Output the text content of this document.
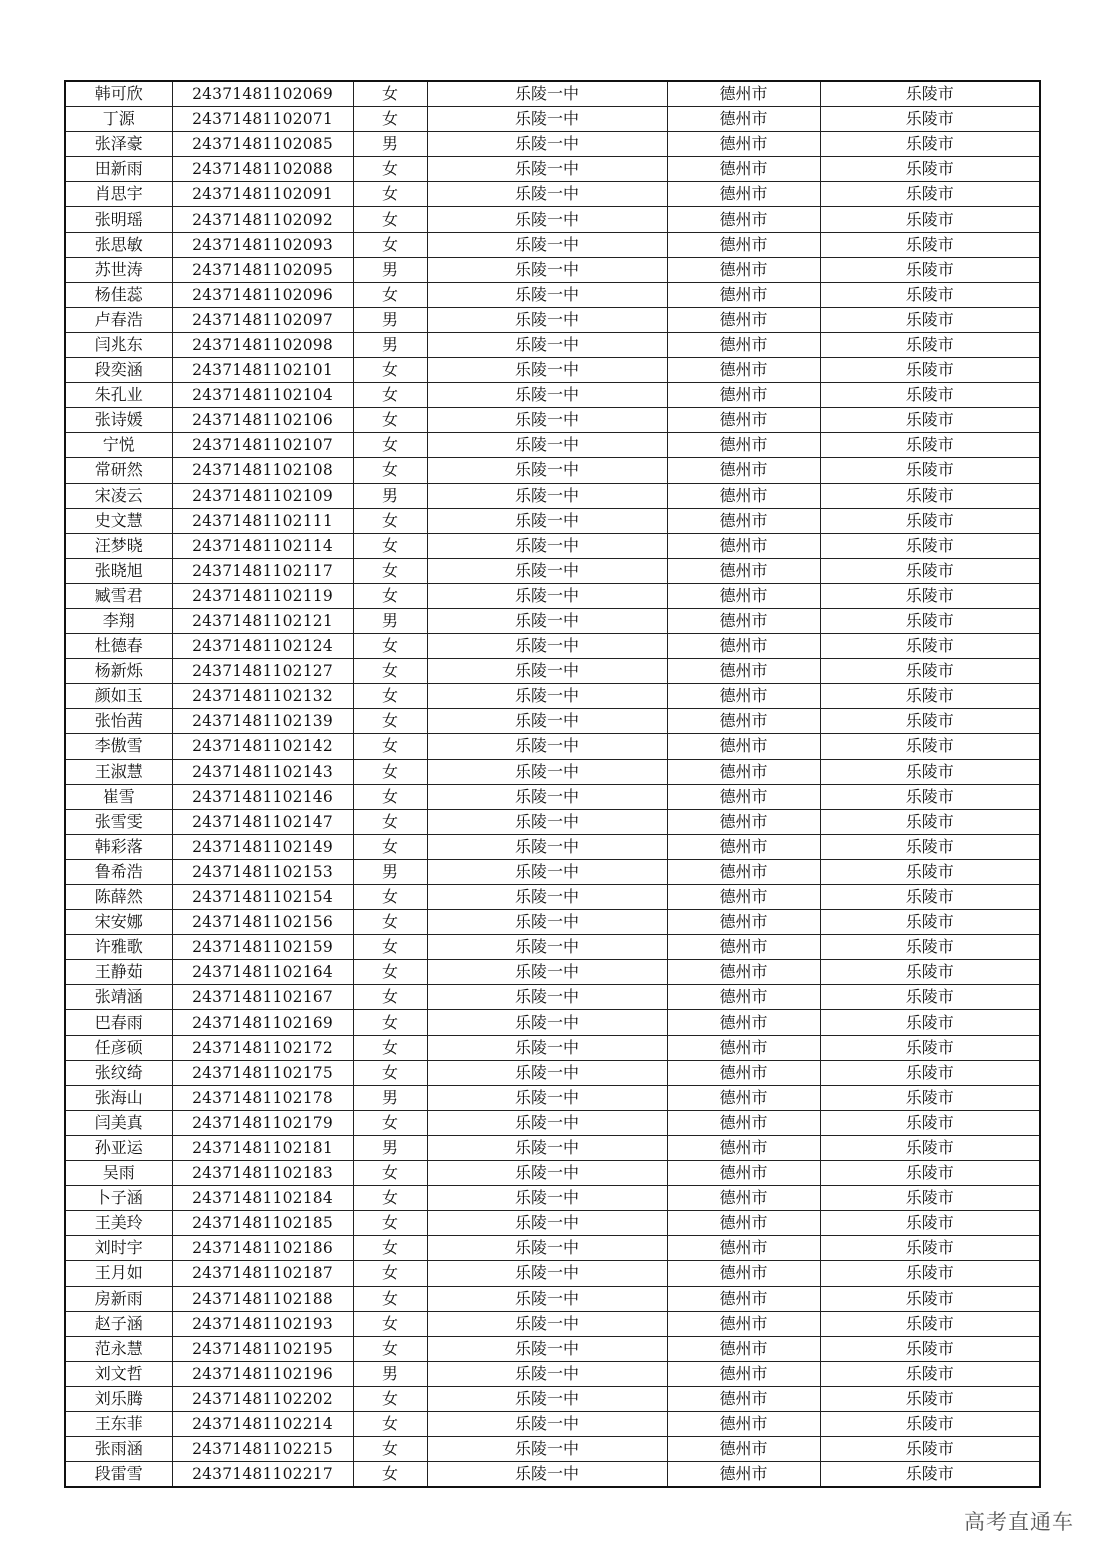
韩可欣	24371481102069	女	乐陵一中	德州市	乐陵市
丁源	24371481102071	女	乐陵一中	德州市	乐陵市
张泽豪	24371481102085	男	乐陵一中	德州市	乐陵市
田新雨	24371481102088	女	乐陵一中	德州市	乐陵市
肖思宇	24371481102091	女	乐陵一中	德州市	乐陵市
张明瑶	24371481102092	女	乐陵一中	德州市	乐陵市
张思敏	24371481102093	女	乐陵一中	德州市	乐陵市
苏世涛	24371481102095	男	乐陵一中	德州市	乐陵市
杨佳蕊	24371481102096	女	乐陵一中	德州市	乐陵市
卢春浩	24371481102097	男	乐陵一中	德州市	乐陵市
闫兆东	24371481102098	男	乐陵一中	德州市	乐陵市
段奕涵	24371481102101	女	乐陵一中	德州市	乐陵市
朱孔业	24371481102104	女	乐陵一中	德州市	乐陵市
张诗媛	24371481102106	女	乐陵一中	德州市	乐陵市
宁悦	24371481102107	女	乐陵一中	德州市	乐陵市
常研然	24371481102108	女	乐陵一中	德州市	乐陵市
宋凌云	24371481102109	男	乐陵一中	德州市	乐陵市
史文慧	24371481102111	女	乐陵一中	德州市	乐陵市
汪梦晓	24371481102114	女	乐陵一中	德州市	乐陵市
张晓旭	24371481102117	女	乐陵一中	德州市	乐陵市
臧雪君	24371481102119	女	乐陵一中	德州市	乐陵市
李翔	24371481102121	男	乐陵一中	德州市	乐陵市
杜德春	24371481102124	女	乐陵一中	德州市	乐陵市
杨新烁	24371481102127	女	乐陵一中	德州市	乐陵市
颜如玉	24371481102132	女	乐陵一中	德州市	乐陵市
张怡茜	24371481102139	女	乐陵一中	德州市	乐陵市
李傲雪	24371481102142	女	乐陵一中	德州市	乐陵市
王淑慧	24371481102143	女	乐陵一中	德州市	乐陵市
崔雪	24371481102146	女	乐陵一中	德州市	乐陵市
张雪雯	24371481102147	女	乐陵一中	德州市	乐陵市
韩彩落	24371481102149	女	乐陵一中	德州市	乐陵市
鲁希浩	24371481102153	男	乐陵一中	德州市	乐陵市
陈薛然	24371481102154	女	乐陵一中	德州市	乐陵市
宋安娜	24371481102156	女	乐陵一中	德州市	乐陵市
许雅歌	24371481102159	女	乐陵一中	德州市	乐陵市
王静茹	24371481102164	女	乐陵一中	德州市	乐陵市
张靖涵	24371481102167	女	乐陵一中	德州市	乐陵市
巴春雨	24371481102169	女	乐陵一中	德州市	乐陵市
任彦硕	24371481102172	女	乐陵一中	德州市	乐陵市
张纹绮	24371481102175	女	乐陵一中	德州市	乐陵市
张海山	24371481102178	男	乐陵一中	德州市	乐陵市
闫美真	24371481102179	女	乐陵一中	德州市	乐陵市
孙亚运	24371481102181	男	乐陵一中	德州市	乐陵市
吴雨	24371481102183	女	乐陵一中	德州市	乐陵市
卜子涵	24371481102184	女	乐陵一中	德州市	乐陵市
王美玲	24371481102185	女	乐陵一中	德州市	乐陵市
刘时宇	24371481102186	女	乐陵一中	德州市	乐陵市
王月如	24371481102187	女	乐陵一中	德州市	乐陵市
房新雨	24371481102188	女	乐陵一中	德州市	乐陵市
赵子涵	24371481102193	女	乐陵一中	德州市	乐陵市
范永慧	24371481102195	女	乐陵一中	德州市	乐陵市
刘文哲	24371481102196	男	乐陵一中	德州市	乐陵市
刘乐腾	24371481102202	女	乐陵一中	德州市	乐陵市
王东菲	24371481102214	女	乐陵一中	德州市	乐陵市
张雨涵	24371481102215	女	乐陵一中	德州市	乐陵市
段雷雪	24371481102217	女	乐陵一中	德州市	乐陵市
高考直通车
